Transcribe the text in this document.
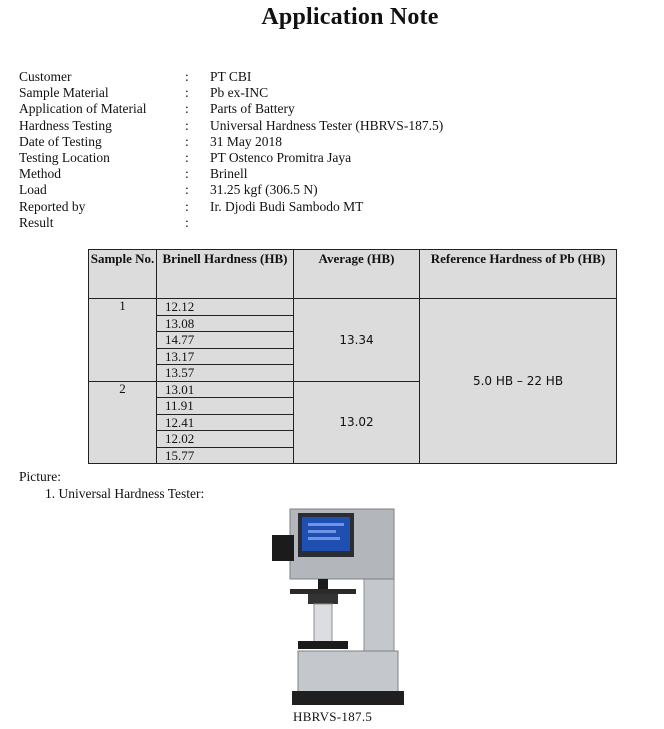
Application Note
Customer	:	PT CBI
Sample Material	:	Pb ex-INC
Application of Material	:	Parts of Battery
Hardness Testing	:	Universal Hardness Tester (HBRVS-187.5)
Date of Testing	:	31 May 2018
Testing Location	:	PT Ostenco Promitra Jaya
Method	:	Brinell
Load	:	31.25 kgf (306.5 N)
Reported by	:	Ir. Djodi Budi Sambodo MT
Result	:
Sample No.	Brinell Hardness (HB)	Average (HB)	Reference Hardness of Pb (HB)
1	12.12	13.34	5.0 HB – 22 HB
	13.08		
	14.77		
	13.17		
	13.57		
2	13.01	13.02	
	11.91		
	12.41		
	12.02		
	15.77		
Picture:
1. Universal Hardness Tester:
HBRVS-187.5
